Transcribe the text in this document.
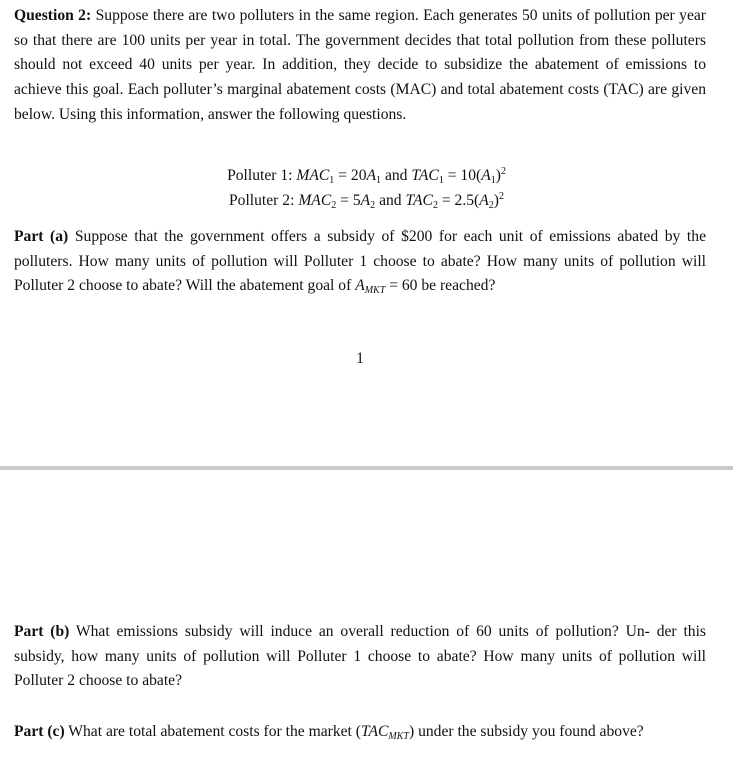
Question 2: Suppose there are two polluters in the same region. Each generates 50 units of pollution per year so that there are 100 units per year in total. The government decides that total pollution from these polluters should not exceed 40 units per year. In addition, they decide to subsidize the abatement of emissions to achieve this goal. Each polluter’s marginal abatement costs (MAC) and total abatement costs (TAC) are given below. Using this information, answer the following questions.

Polluter 1: $MAC_1 = 20A_1$ and $TAC_1 = 10(A_1)^2$
Polluter 2: $MAC_2 = 5A_2$ and $TAC_2 = 2.5(A_2)^2$

Part (a) Suppose that the government offers a subsidy of $200 for each unit of emissions abated by the polluters. How many units of pollution will Polluter 1 choose to abate? How many units of pollution will Polluter 2 choose to abate? Will the abatement goal of $A_{MKT} = 60$ be reached?

1

Part (b) What emissions subsidy will induce an overall reduction of 60 units of pollution? Un- der this subsidy, how many units of pollution will Polluter 1 choose to abate? How many units of pollution will Polluter 2 choose to abate?

Part (c) What are total abatement costs for the market $(TAC_{MKT})$ under the subsidy you found above?
